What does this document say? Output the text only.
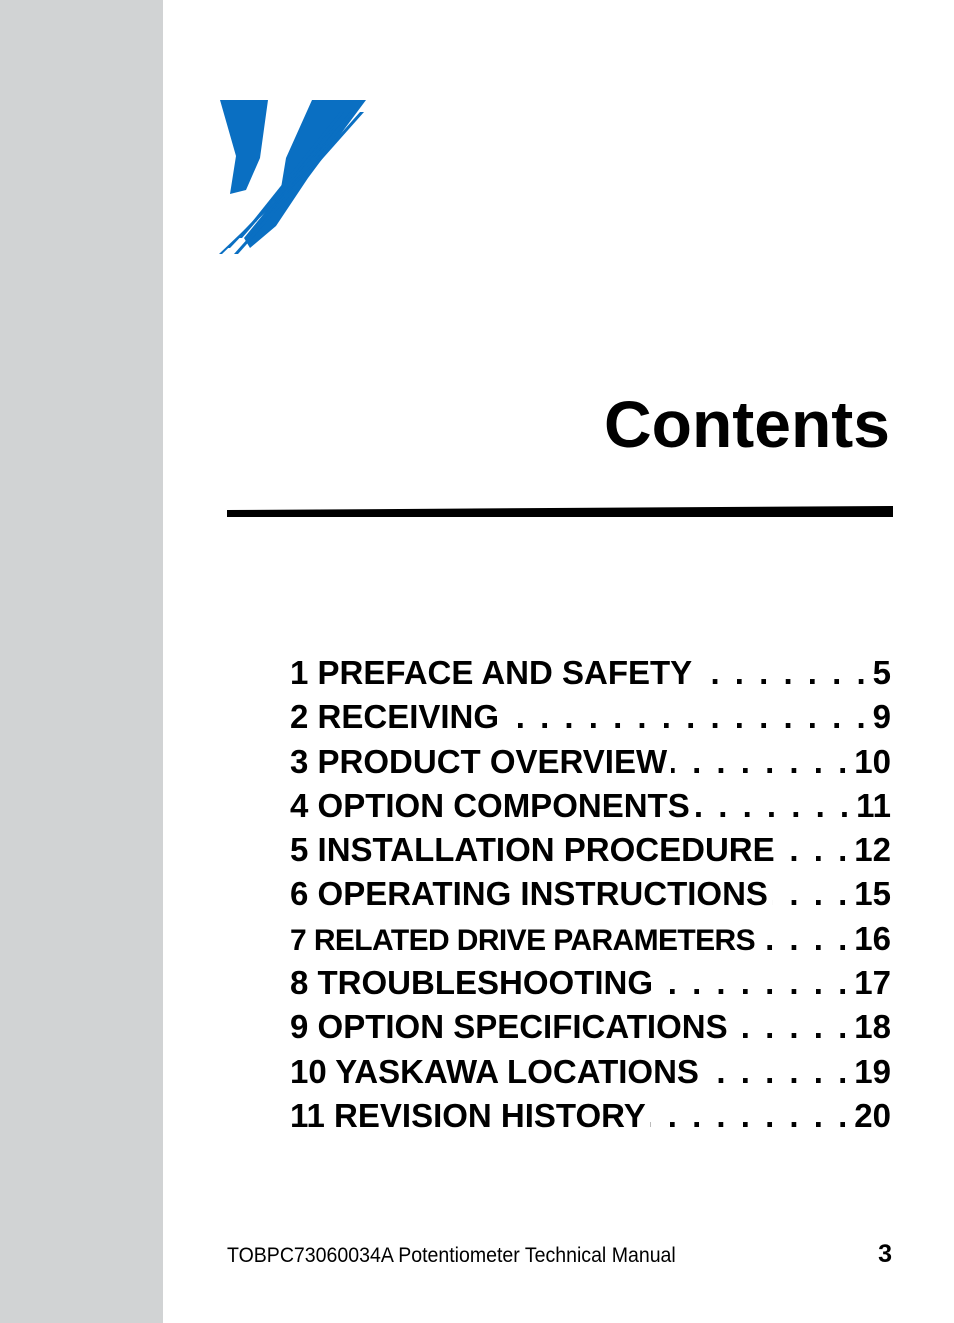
Contents
1 PREFACE AND SAFETY . . .	5
2 RECEIVING . . .	9
3 PRODUCT OVERVIEW . . .	10
4 OPTION COMPONENTS . . .	11
5 INSTALLATION PROCEDURE . . . 12
6 OPERATING INSTRUCTIONS . . .	15
7 RELATED DRIVE PARAMETERS . . .	16
8 TROUBLESHOOTING . . .	17
9 OPTION SPECIFICATIONS . . .	18
10 YASKAWA LOCATIONS . . .	19
11 REVISION HISTORY . . .	20
TOBPC73060034A Potentiometer Technical Manual	3
